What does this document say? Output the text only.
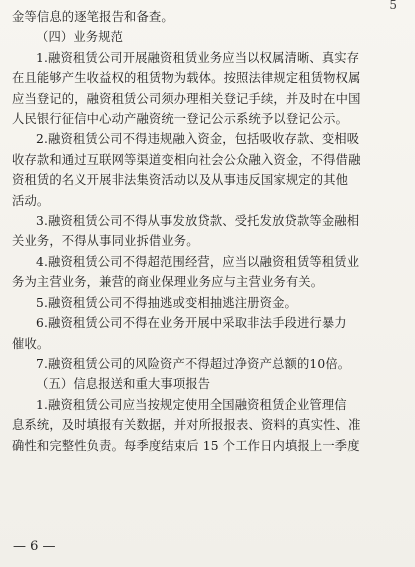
5
金等信息的逐笔报告和备查。
（四）业务规范
1.融资租赁公司开展融资租赁业务应当以权属清晰、真实存
在且能够产生收益权的租赁物为载体。按照法律规定租赁物权属
应当登记的，融资租赁公司须办理相关登记手续，并及时在中国
人民银行征信中心动产融资统一登记公示系统予以登记公示。
2.融资租赁公司不得违规融入资金，包括吸收存款、变相吸
收存款和通过互联网等渠道变相向社会公众融入资金，不得借融
资租赁的名义开展非法集资活动以及从事违反国家规定的其他
活动。
3.融资租赁公司不得从事发放贷款、受托发放贷款等金融相
关业务，不得从事同业拆借业务。
4.融资租赁公司不得超范围经营，应当以融资租赁等租赁业
务为主营业务，兼营的商业保理业务应与主营业务有关。
5.融资租赁公司不得抽逃或变相抽逃注册资金。
6.融资租赁公司不得在业务开展中采取非法手段进行暴力
催收。
7.融资租赁公司的风险资产不得超过净资产总额的10倍。
（五）信息报送和重大事项报告
1.融资租赁公司应当按规定使用全国融资租赁企业管理信
息系统，及时填报有关数据，并对所报报表、资料的真实性、准
确性和完整性负责。每季度结束后 15 个工作日内填报上一季度
— 6 —
